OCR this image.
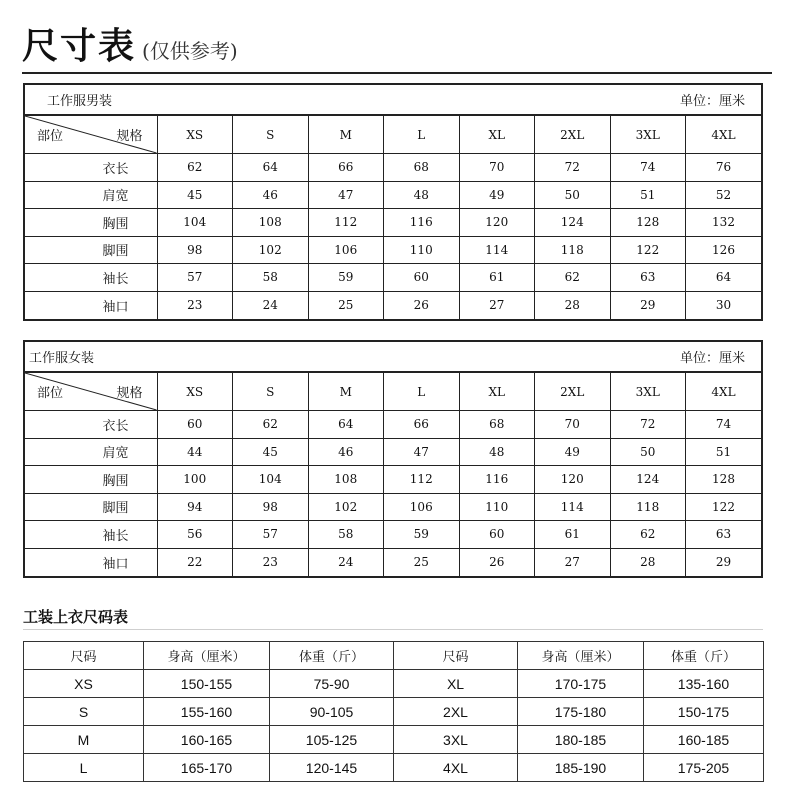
尺寸表 (仅供参考)
工作服男装	单位：厘米
部位 规格	XS	S	M	L	XL	2XL	3XL	4XL
衣长	62	64	66	68	70	72	74	76
肩宽	45	46	47	48	49	50	51	52
胸围	104	108	112	116	120	124	128	132
脚围	98	102	106	110	114	118	122	126
袖长	57	58	59	60	61	62	63	64
袖口	23	24	25	26	27	28	29	30
工作服女装	单位：厘米
部位 规格	XS	S	M	L	XL	2XL	3XL	4XL
衣长	60	62	64	66	68	70	72	74
肩宽	44	45	46	47	48	49	50	51
胸围	100	104	108	112	116	120	124	128
脚围	94	98	102	106	110	114	118	122
袖长	56	57	58	59	60	61	62	63
袖口	22	23	24	25	26	27	28	29
工装上衣尺码表
尺码	身高（厘米）	体重（斤）	尺码	身高（厘米）	体重（斤）
XS	150-155	75-90	XL	170-175	135-160
S	155-160	90-105	2XL	175-180	150-175
M	160-165	105-125	3XL	180-185	160-185
L	165-170	120-145	4XL	185-190	175-205
